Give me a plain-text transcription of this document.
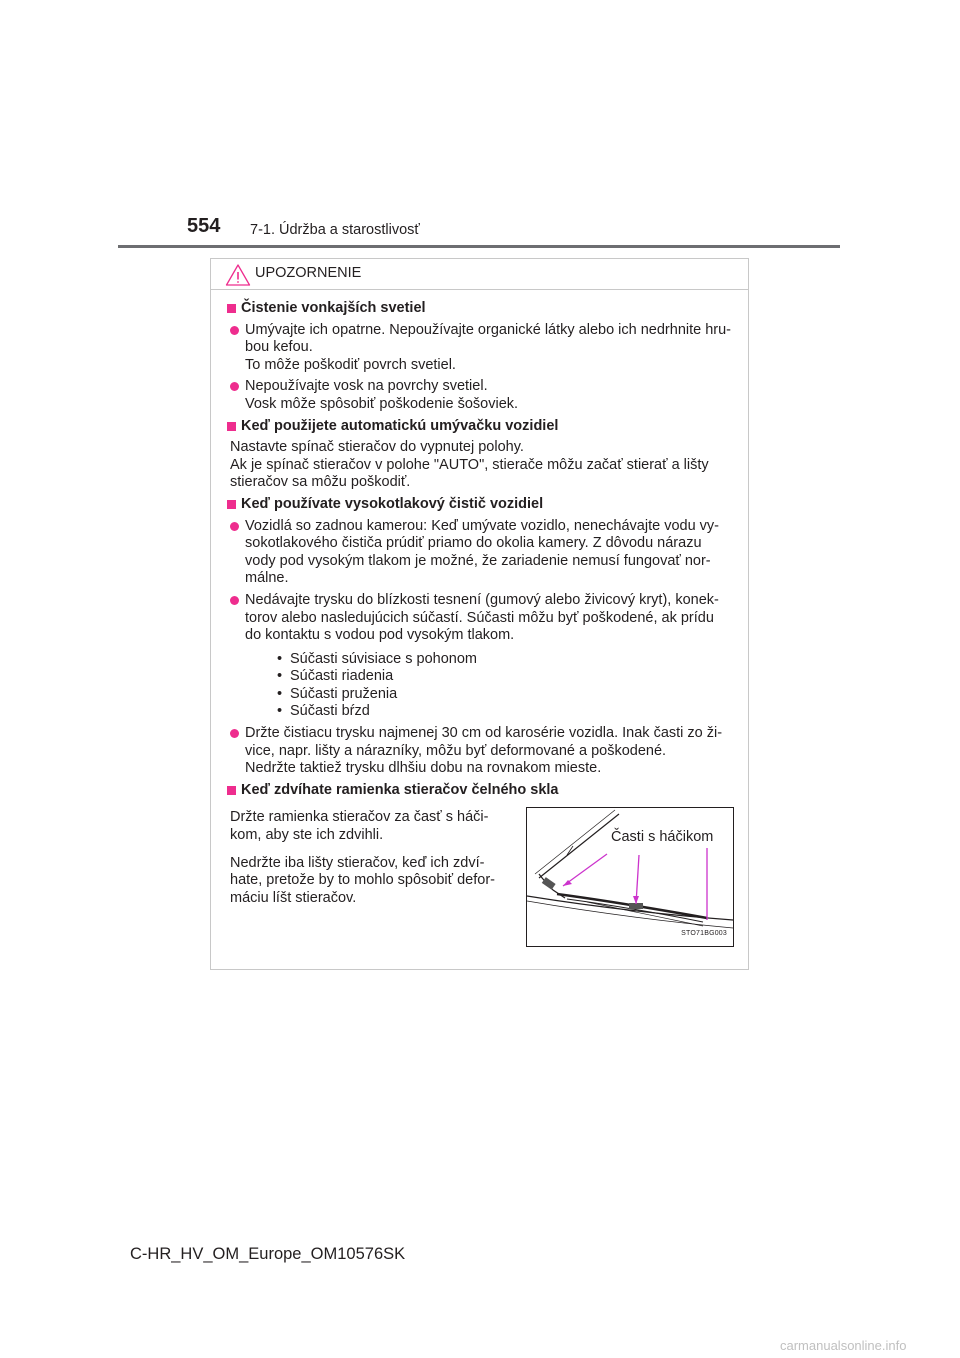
554 7-1. Údržba a starostlivosť
UPOZORNENIE
Čistenie vonkajších svetiel
Umývajte ich opatrne. Nepoužívajte organické látky alebo ich nedrhnite hru-
bou kefou.
To môže poškodiť povrch svetiel.
Nepoužívajte vosk na povrchy svetiel.
Vosk môže spôsobiť poškodenie šošoviek.
Keď použijete automatickú umývačku vozidiel
Nastavte spínač stieračov do vypnutej polohy.
Ak je spínač stieračov v polohe "AUTO", stierače môžu začať stierať a lišty
stieračov sa môžu poškodiť.
Keď používate vysokotlakový čistič vozidiel
Vozidlá so zadnou kamerou: Keď umývate vozidlo, nenechávajte vodu vy-
sokotlakového čističa prúdiť priamo do okolia kamery. Z dôvodu nárazu
vody pod vysokým tlakom je možné, že zariadenie nemusí fungovať nor-
málne.
Nedávajte trysku do blízkosti tesnení (gumový alebo živicový kryt), konek-
torov alebo nasledujúcich súčastí. Súčasti môžu byť poškodené, ak prídu
do kontaktu s vodou pod vysokým tlakom.
• Súčasti súvisiace s pohonom
• Súčasti riadenia
• Súčasti pruženia
• Súčasti bŕzd
Držte čistiacu trysku najmenej 30 cm od karosérie vozidla. Inak časti zo ži-
vice, napr. lišty a nárazníky, môžu byť deformované a poškodené.
Nedržte taktiež trysku dlhšiu dobu na rovnakom mieste.
Keď zdvíhate ramienka stieračov čelného skla

Držte ramienka stieračov za časť s háči-
kom, aby ste ich zdvihli.

Nedržte iba lišty stieračov, keď ich zdví-
hate, pretože by to mohlo spôsobiť defor-
máciu líšt stieračov.

Časti s háčikom
STO71BG003
C-HR_HV_OM_Europe_OM10576SK
carmanualsonline.info
